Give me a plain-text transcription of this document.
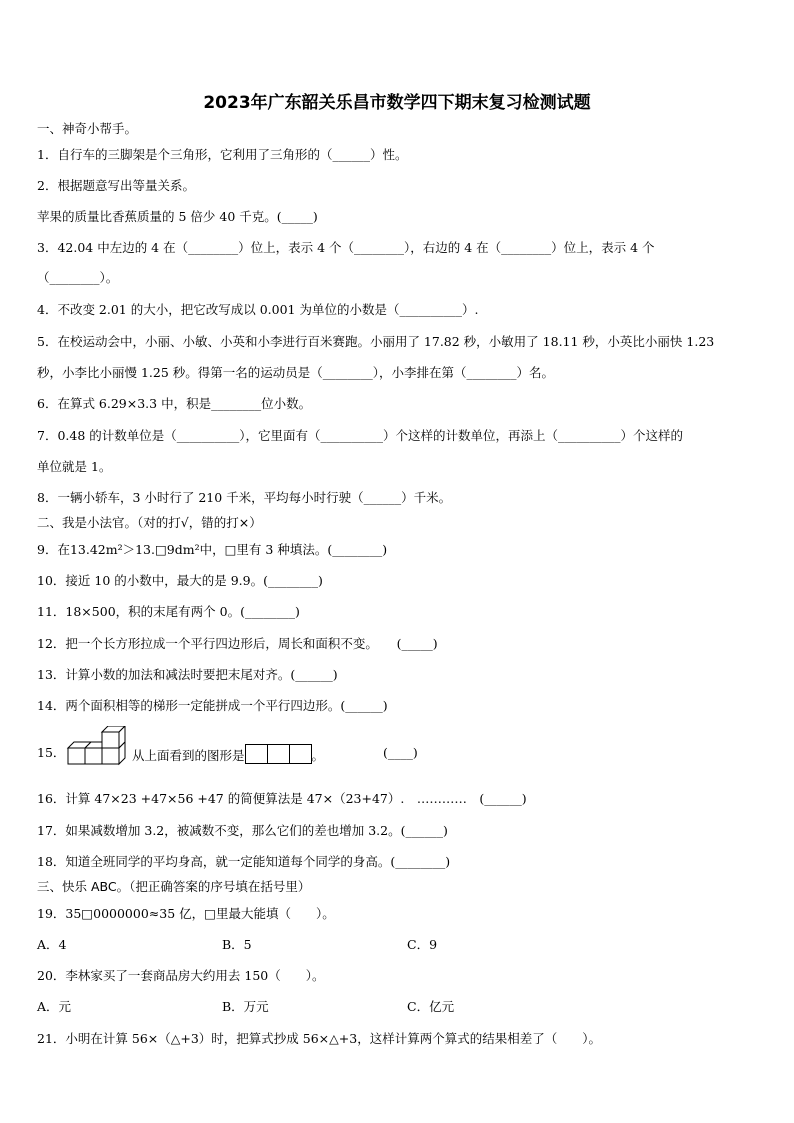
2023年广东韶关乐昌市数学四下期末复习检测试题
一、神奇小帮手。
1．自行车的三脚架是个三角形，它利用了三角形的（______）性。
2．根据题意写出等量关系。
苹果的质量比香蕉质量的 5 倍少 40 千克。(_____)
3．42.04 中左边的 4 在（________）位上，表示 4 个（________），右边的 4 在（________）位上，表示 4 个
（________）。
4．不改变 2.01 的大小，把它改写成以 0.001 为单位的小数是（__________）.
5．在校运动会中，小丽、小敏、小英和小李进行百米赛跑。小丽用了 17.82 秒，小敏用了 18.11 秒，小英比小丽快 1.23
秒，小李比小丽慢 1.25 秒。得第一名的运动员是（________），小李排在第（________）名。
6．在算式 6.29×3.3 中，积是________位小数。
7．0.48 的计数单位是（__________），它里面有（__________）个这样的计数单位，再添上（__________）个这样的
单位就是 1。
8．一辆小轿车，3 小时行了 210 千米，平均每小时行驶（______）千米。
二、我是小法官。（对的打√，错的打×）
9．在13.42m²＞13.□9dm²中，□里有 3 种填法。(________)
10．接近 10 的小数中，最大的是 9.9。(________)
11．18×500，积的末尾有两个 0。(________)
12．把一个长方形拉成一个平行四边形后，周长和面积不变。　　(_____)
13．计算小数的加法和减法时要把末尾对齐。(______)
14．两个面积相等的梯形一定能拼成一个平行四边形。(______)
15．	从上面看到的图形是	。	(____)
16．计算 47×23 +47×56 +47 的简便算法是 47×（23+47）.　…………　(______)
17．如果减数增加 3.2，被减数不变，那么它们的差也增加 3.2。(______)
18．知道全班同学的平均身高，就一定能知道每个同学的身高。(________)
三、快乐 ABC。（把正确答案的序号填在括号里）
19．35□0000000≈35 亿，□里最大能填（　　）。
A．4	B．5	C．9
20．李林家买了一套商品房大约用去 150（　　）。
A．元	B．万元	C．亿元
21．小明在计算 56×（△+3）时，把算式抄成 56×△+3，这样计算两个算式的结果相差了（　　）。
